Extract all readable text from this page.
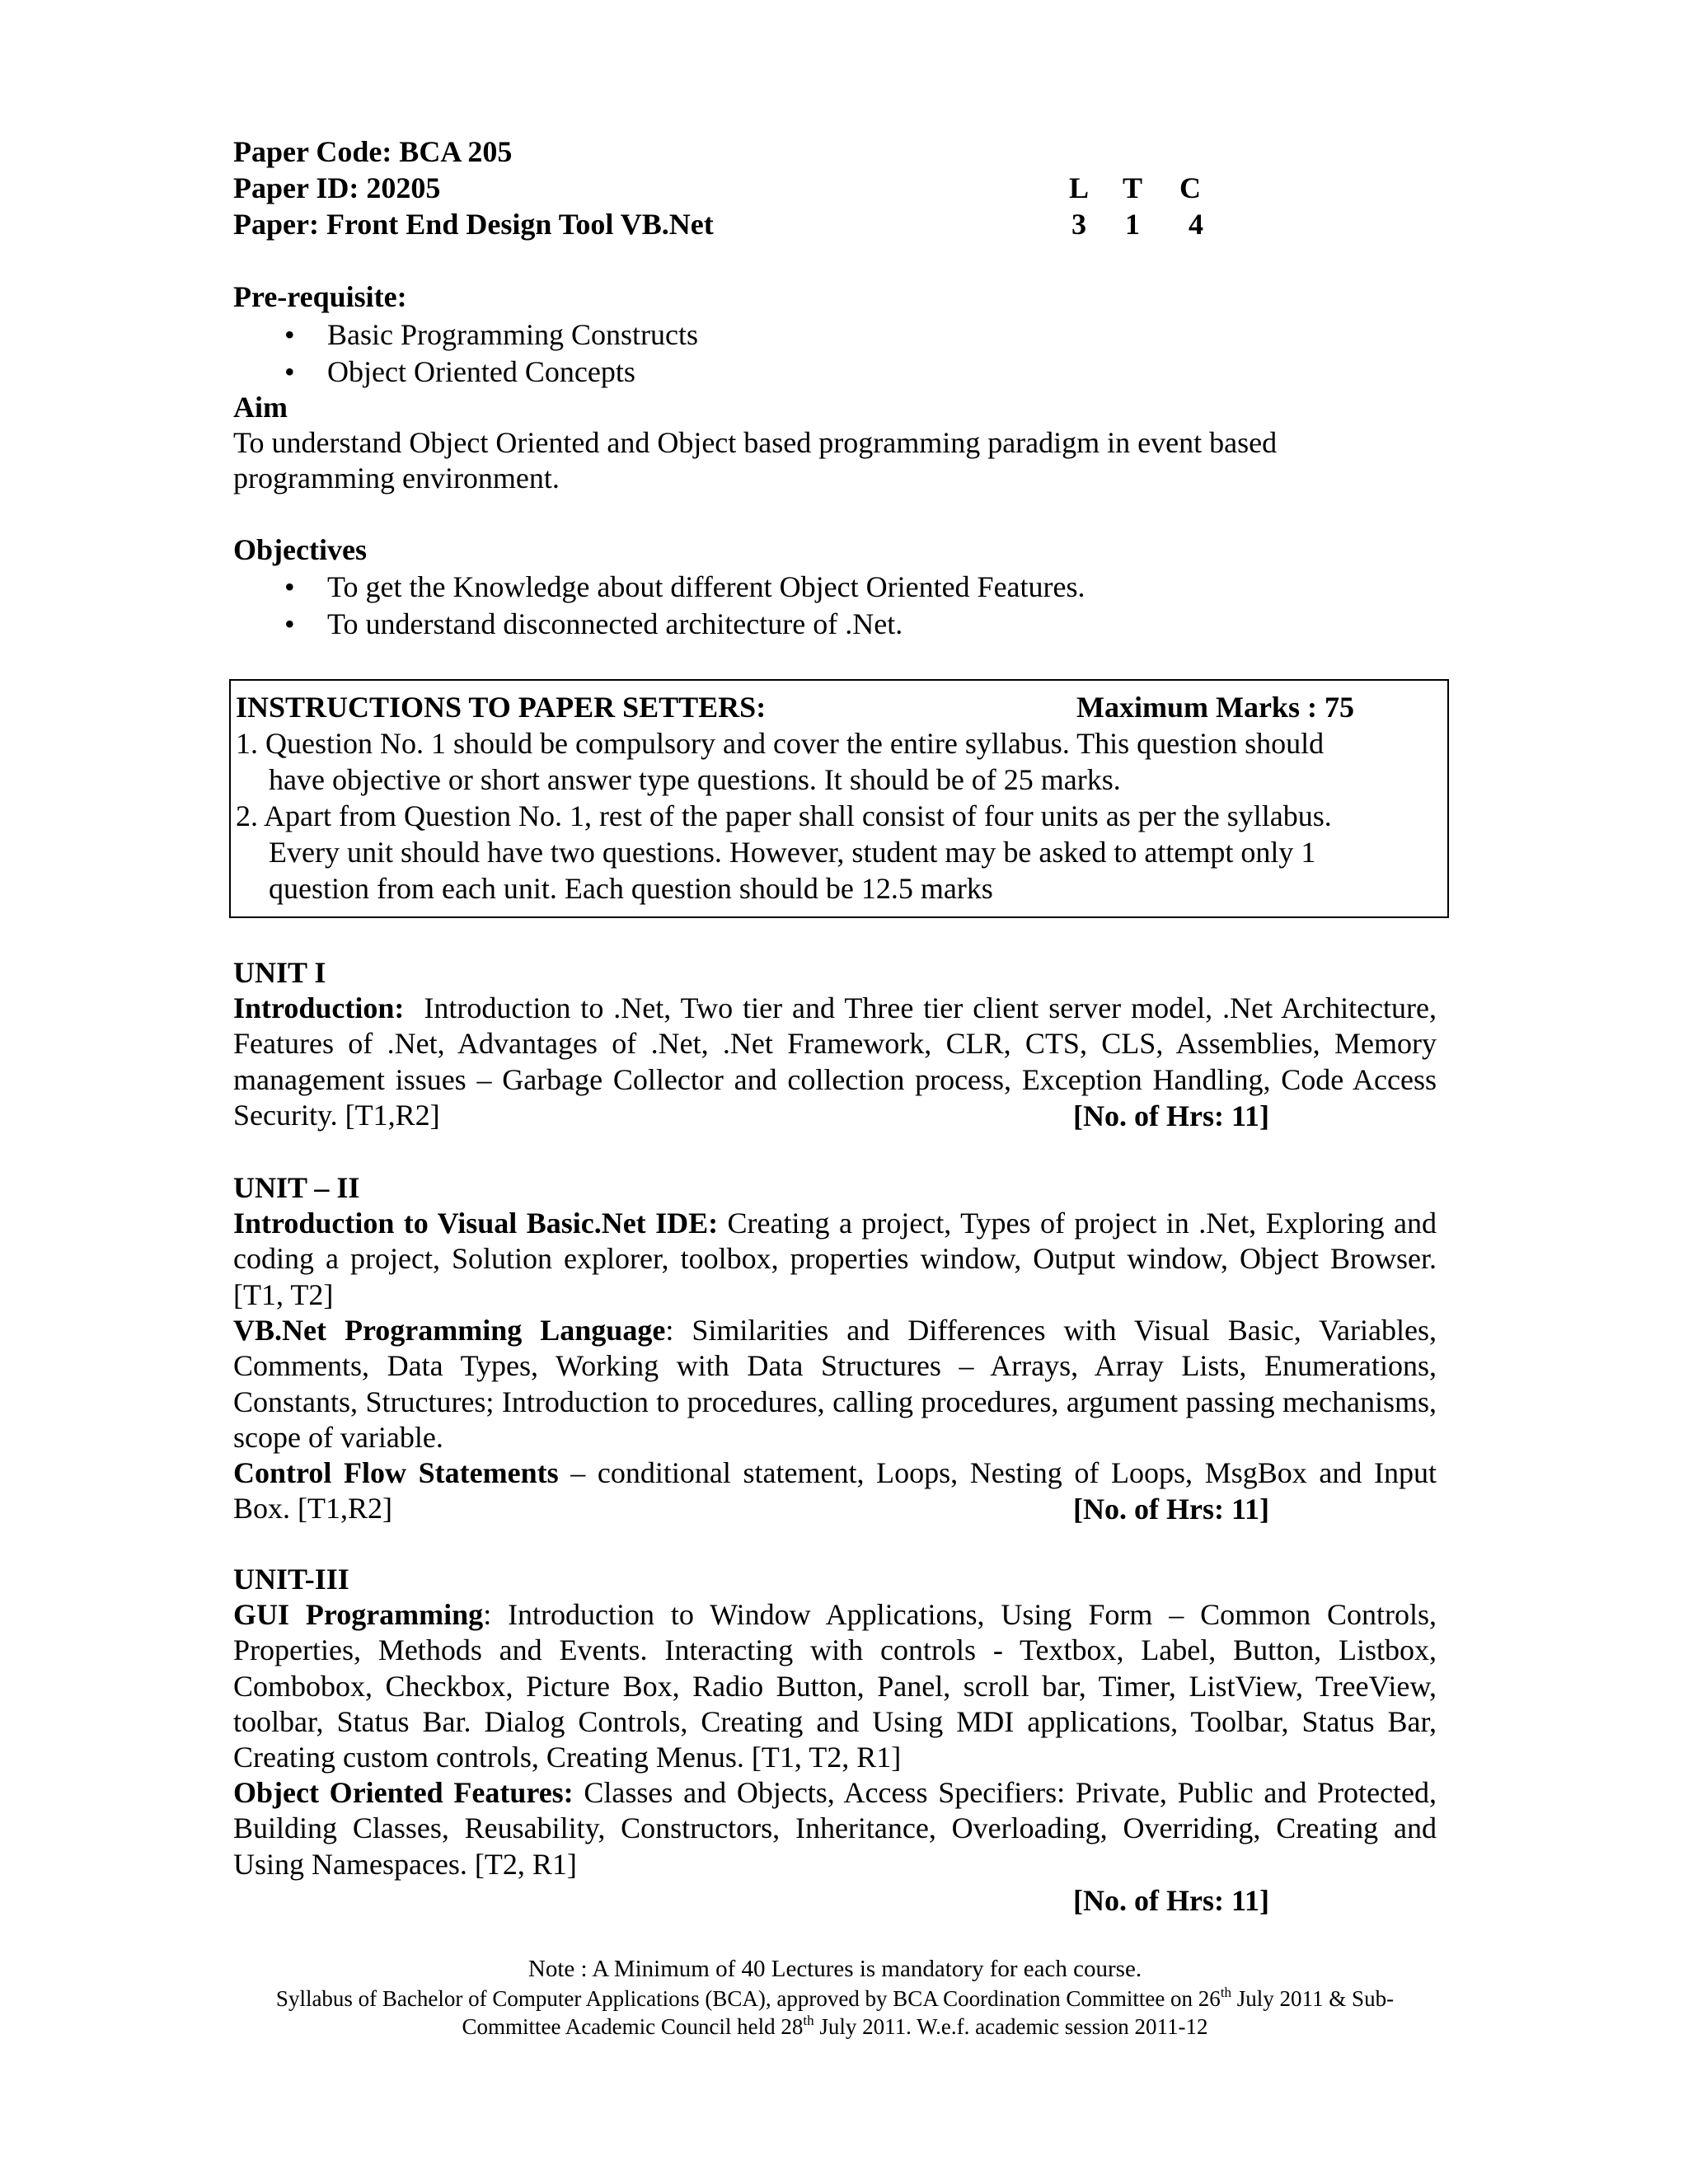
Paper Code: BCA 205
Paper ID: 20205
Paper: Front End Design Tool VB.Net
L T C
3	1	4
Pre-requisite:
•	Basic Programming Constructs
•	Object Oriented Concepts
Aim
To understand Object Oriented and Object based programming paradigm in event based programming environment.
Objectives
•	To get the Knowledge about different Object Oriented Features.
•	To understand disconnected architecture of .Net.
INSTRUCTIONS TO PAPER SETTERS:	Maximum Marks : 75
1. Question No. 1 should be compulsory and cover the entire syllabus. This question should
have objective or short answer type questions. It should be of 25 marks.
2. Apart from Question No. 1, rest of the paper shall consist of four units as per the syllabus.
Every unit should have two questions. However, student may be asked to attempt only 1
question from each unit. Each question should be 12.5 marks
UNIT I
Introduction: Introduction to .Net, Two tier and Three tier client server model, .Net Architecture, Features of .Net, Advantages of .Net, .Net Framework, CLR, CTS, CLS, Assemblies, Memory management issues – Garbage Collector and collection process, Exception Handling, Code Access Security. [T1,R2]	[No. of Hrs: 11]
UNIT – II
Introduction to Visual Basic.Net IDE: Creating a project, Types of project in .Net, Exploring and coding a project, Solution explorer, toolbox, properties window, Output window, Object Browser. [T1, T2]
VB.Net Programming Language: Similarities and Differences with Visual Basic, Variables, Comments, Data Types, Working with Data Structures – Arrays, Array Lists, Enumerations, Constants, Structures; Introduction to procedures, calling procedures, argument passing mechanisms, scope of variable.
Control Flow Statements – conditional statement, Loops, Nesting of Loops, MsgBox and Input Box. [T1,R2]	[No. of Hrs: 11]
UNIT-III
GUI Programming: Introduction to Window Applications, Using Form – Common Controls, Properties, Methods and Events. Interacting with controls - Textbox, Label, Button, Listbox, Combobox, Checkbox, Picture Box, Radio Button, Panel, scroll bar, Timer, ListView, TreeView, toolbar, Status Bar. Dialog Controls, Creating and Using MDI applications, Toolbar, Status Bar, Creating custom controls, Creating Menus. [T1, T2, R1]
Object Oriented Features: Classes and Objects, Access Specifiers: Private, Public and Protected, Building Classes, Reusability, Constructors, Inheritance, Overloading, Overriding, Creating and Using Namespaces. [T2, R1]
[No. of Hrs: 11]
Note : A Minimum of 40 Lectures is mandatory for each course.
Syllabus of Bachelor of Computer Applications (BCA), approved by BCA Coordination Committee on 26th July 2011 & Sub-
Committee Academic Council held 28th July 2011. W.e.f. academic session 2011-12
